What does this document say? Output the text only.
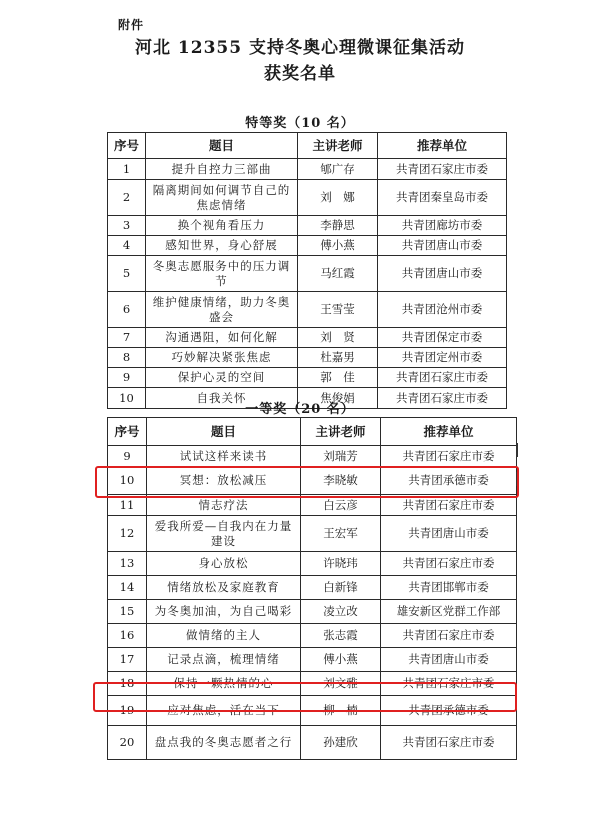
附件
河北 12355 支持冬奥心理微课征集活动
获奖名单
特等奖（10 名）
序号	题目	主讲老师	推荐单位
1	提升自控力三部曲	郇广存	共青团石家庄市委
2	隔离期间如何调节自己的焦虑情绪	刘　娜	共青团秦皇岛市委
3	换个视角看压力	李静思	共青团廊坊市委
4	感知世界，身心舒展	傅小燕	共青团唐山市委
5	冬奥志愿服务中的压力调节	马红霞	共青团唐山市委
6	维护健康情绪，助力冬奥盛会	王雪莹	共青团沧州市委
7	沟通遇阻，如何化解	刘　贤	共青团保定市委
8	巧妙解决紧张焦虑	杜嘉男	共青团定州市委
9	保护心灵的空间	郭　佳	共青团石家庄市委
10	自我关怀	焦俊娟	共青团石家庄市委
一等奖（20 名）
序号	题目	主讲老师	推荐单位
9	试试这样来读书	刘瑞芳	共青团石家庄市委
10	冥想：放松减压	李晓敏	共青团承德市委
11	情志疗法	白云彦	共青团石家庄市委
12	爱我所爱—自我内在力量建设	王宏军	共青团唐山市委
13	身心放松	许晓玮	共青团石家庄市委
14	情绪放松及家庭教育	白新锋	共青团邯郸市委
15	为冬奥加油，为自己喝彩	凌立改	雄安新区党群工作部
16	做情绪的主人	张志霞	共青团石家庄市委
17	记录点滴，梳理情绪	傅小燕	共青团唐山市委
18	保持一颗热情的心	刘文雅	共青团石家庄市委
19	应对焦虑，活在当下	柳　楠	共青团承德市委
20	盘点我的冬奥志愿者之行	孙建欣	共青团石家庄市委
